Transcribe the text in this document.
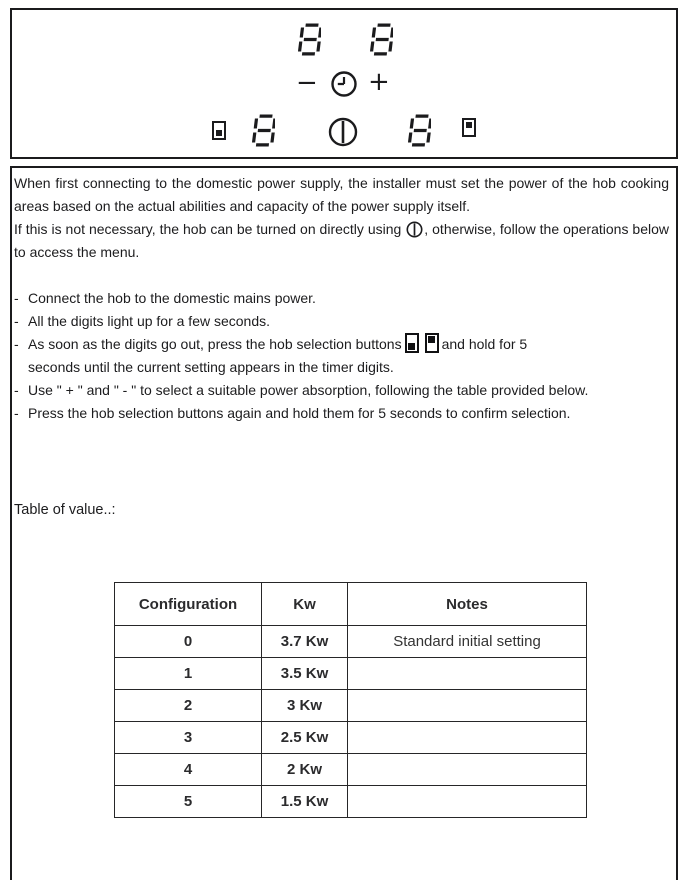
− +

When first connecting to the domestic power supply, the installer must set the power of the hob cooking areas based on the actual abilities and capacity of the power supply itself.

If this is not necessary, the hob can be turned on directly using , otherwise, follow the operations below to access the menu.

- Connect the hob to the domestic mains power.
- All the digits light up for a few seconds.
- As soon as the digits go out, press the hob selection buttons	and hold for 5
seconds until the current setting appears in the timer digits.
- Use " + " and " - " to select a suitable power absorption, following the table provided below.
- Press the hob selection buttons again and hold them for 5 seconds to confirm selection.
Table of value..:
Configuration	Kw	Notes
0	3.7 Kw	Standard initial setting
1	3.5 Kw	
2	3 Kw	
3	2.5 Kw	
4	2 Kw	
5	1.5 Kw	
